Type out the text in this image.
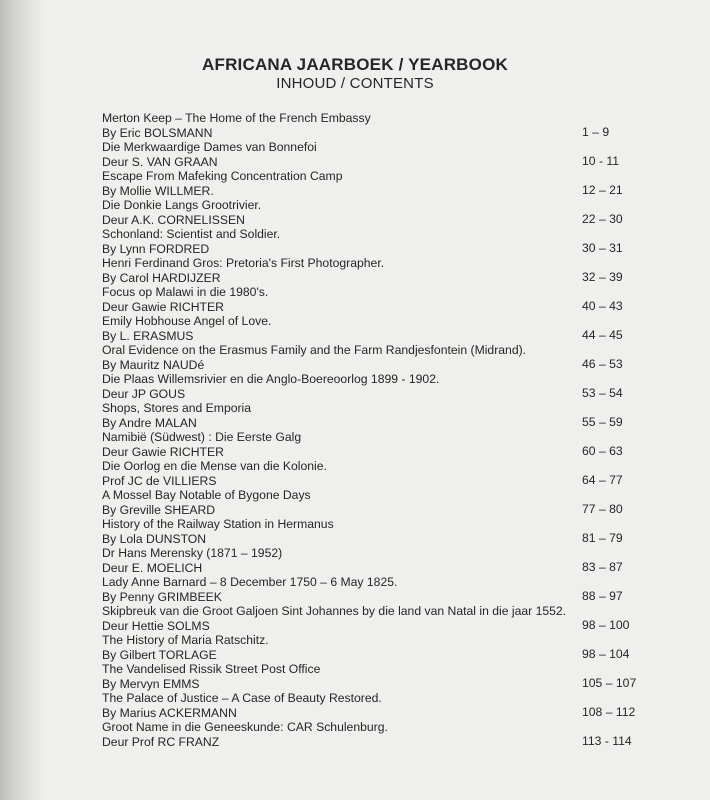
AFRICANA JAARBOEK / YEARBOOK
INHOUD / CONTENTS
Merton Keep – The Home of the French Embassy
By Eric BOLSMANN	1 – 9
Die Merkwaardige Dames van Bonnefoi
Deur S. VAN GRAAN	10 - 11
Escape From Mafeking Concentration Camp
By Mollie WILLMER.	12 – 21
Die Donkie Langs Grootrivier.
Deur A.K. CORNELISSEN	22 – 30
Schonland: Scientist and Soldier.
By Lynn FORDRED	30 – 31
Henri Ferdinand Gros: Pretoria's First Photographer.
By Carol HARDIJZER	32 – 39
Focus op Malawi in die 1980's.
Deur Gawie RICHTER	40 – 43
Emily Hobhouse Angel of Love.
By L. ERASMUS	44 – 45
Oral Evidence on the Erasmus Family and the Farm Randjesfontein (Midrand).
By Mauritz NAUDé	46 – 53
Die Plaas Willemsrivier en die Anglo-Boereoorlog 1899 - 1902.
Deur JP GOUS	53 – 54
Shops, Stores and Emporia
By Andre MALAN	55 – 59
Namibië (Südwest) : Die Eerste Galg
Deur Gawie RICHTER	60 – 63
Die Oorlog en die Mense van die Kolonie.
Prof JC de VILLIERS	64 – 77
A Mossel Bay Notable of Bygone Days
By Greville SHEARD	77 – 80
History of the Railway Station in Hermanus
By Lola DUNSTON	81 – 79
Dr Hans Merensky (1871 – 1952)
Deur E. MOELICH	83 – 87
Lady Anne Barnard – 8 December 1750 – 6 May 1825.
By Penny GRIMBEEK	88 – 97
Skipbreuk van die Groot Galjoen Sint Johannes by die land van Natal in die jaar 1552.
Deur Hettie SOLMS	98 – 100
The History of Maria Ratschitz.
By Gilbert TORLAGE	98 – 104
The Vandelised Rissik Street Post Office
By Mervyn EMMS	105 – 107
The Palace of Justice – A Case of Beauty Restored.
By Marius ACKERMANN	108 – 112
Groot Name in die Geneeskunde: CAR Schulenburg.
Deur Prof RC FRANZ	113 - 114
